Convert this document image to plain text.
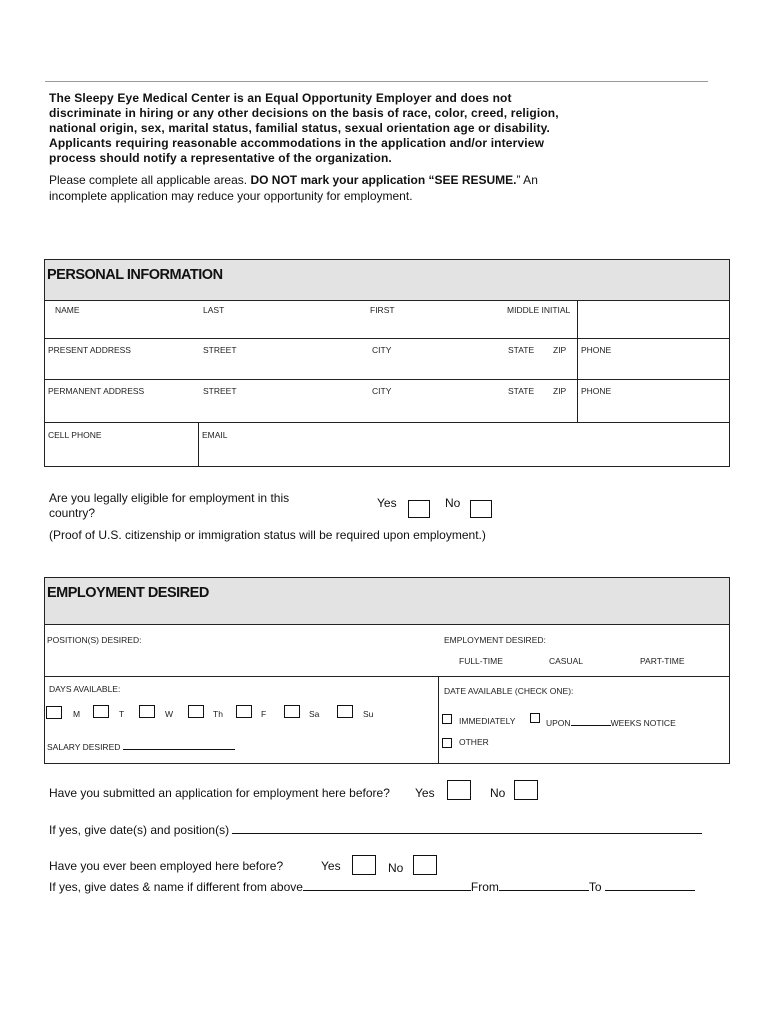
The Sleepy Eye Medical Center is an Equal Opportunity Employer and does not discriminate in hiring or any other decisions on the basis of race, color, creed, religion, national origin, sex, marital status, familial status, sexual orientation age or disability. Applicants requiring reasonable accommodations in the application and/or interview process should notify a representative of the organization.
Please complete all applicable areas. DO NOT mark your application “SEE RESUME.” An incomplete application may reduce your opportunity for employment.
PERSONAL INFORMATION
NAME	LAST	FIRST	MIDDLE INITIAL
PRESENT ADDRESS	STREET	CITY	STATE ZIP PHONE
PERMANENT ADDRESS	STREET	CITY	STATE ZIP PHONE
CELL PHONE	EMAIL
Are you legally eligible for employment in this country?
Yes	No
(Proof of U.S. citizenship or immigration status will be required upon employment.)
EMPLOYMENT DESIRED
POSITION(S) DESIRED:	EMPLOYMENT DESIRED:
FULL-TIME	CASUAL	PART-TIME
DAYS AVAILABLE:
M	T	W	Th	F	Sa	Su
SALARY DESIRED
DATE AVAILABLE (CHECK ONE):
IMMEDIATELY	UPON	WEEKS NOTICE
OTHER
Have you submitted an application for employment here before? Yes	No
If yes, give date(s) and position(s)
Have you ever been employed here before?	Yes	No
If yes, give dates & name if different from above	From	To
